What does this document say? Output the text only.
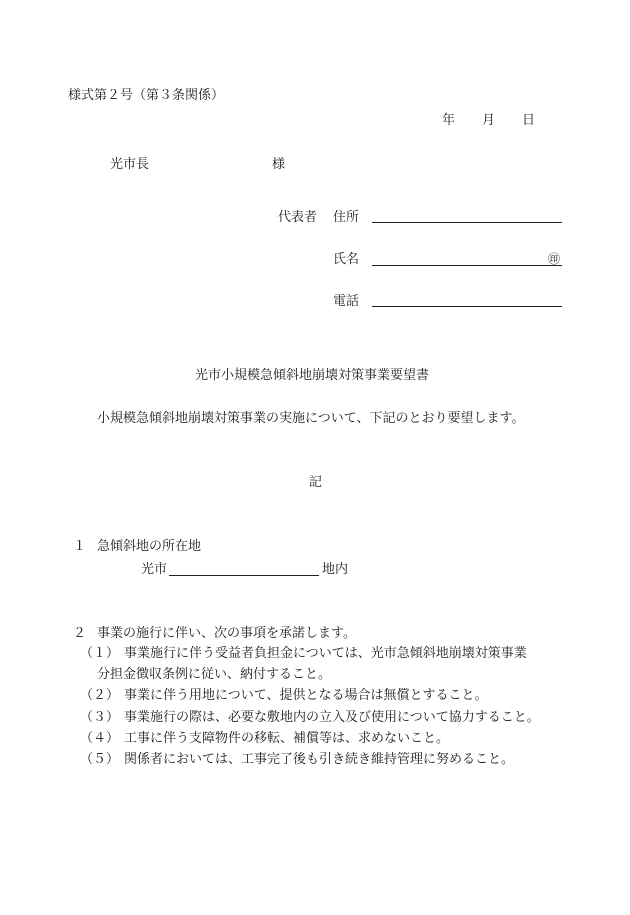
様式第２号（第３条関係）
年 月 日
光市長	様
代表者 住所
氏名	㊞
電話
光市小規模急傾斜地崩壊対策事業要望書
小規模急傾斜地崩壊対策事業の実施について、下記のとおり要望します。
記
１ 急傾斜地の所在地
光市	地内
２ 事業の施行に伴い、次の事項を承諾します。
（１） 事業施行に伴う受益者負担金については、光市急傾斜地崩壊対策事業
分担金徴収条例に従い、納付すること。
（２） 事業に伴う用地について、提供となる場合は無償とすること。
（３） 事業施行の際は、必要な敷地内の立入及び使用について協力すること。
（４） 工事に伴う支障物件の移転、補償等は、求めないこと。
（５） 関係者においては、工事完了後も引き続き維持管理に努めること。
